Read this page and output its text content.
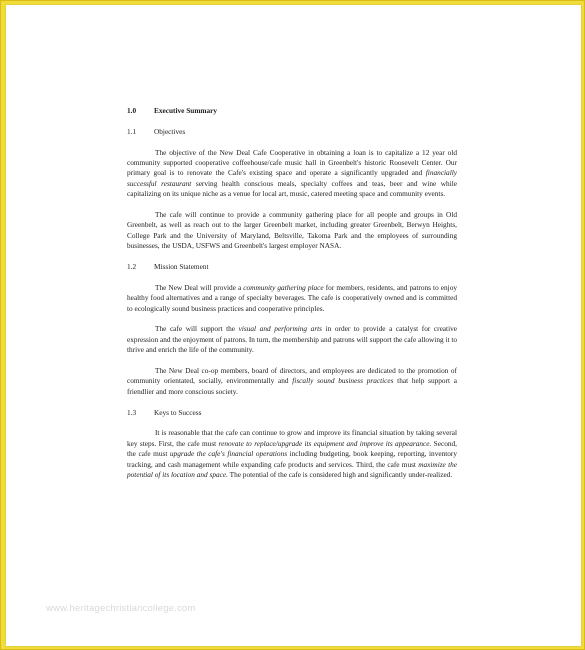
1.0	Executive Summary
1.1	Objectives

The objective of the New Deal Cafe Cooperative in obtaining a loan is to capitalize a 12 year old community supported cooperative coffeehouse/cafe music hall in Greenbelt's historic Roosevelt Center. Our primary goal is to renovate the Cafe's existing space and operate a significantly upgraded and financially successful restaurant serving health conscious meals, specialty coffees and teas, beer and wine while capitalizing on its unique niche as a venue for local art, music, catered meeting space and community events.

The cafe will continue to provide a community gathering place for all people and groups in Old Greenbelt, as well as reach out to the larger Greenbelt market, including greater Greenbelt, Berwyn Heights, College Park and the University of Maryland, Beltsville, Takoma Park and the employees of surrounding businesses, the USDA, USFWS and Greenbelt's largest employer NASA.

1.2	Mission Statement

The New Deal will provide a community gathering place for members, residents, and patrons to enjoy healthy food alternatives and a range of specialty beverages. The cafe is cooperatively owned and is committed to ecologically sound business practices and cooperative principles.

The cafe will support the visual and performing arts in order to provide a catalyst for creative expression and the enjoyment of patrons. In turn, the membership and patrons will support the cafe allowing it to thrive and enrich the life of the community.

The New Deal co-op members, board of directors, and employees are dedicated to the promotion of community orientated, socially, environmentally and fiscally sound business practices that help support a friendlier and more conscious society.

1.3	Keys to Success

It is reasonable that the cafe can continue to grow and improve its financial situation by taking several key steps. First, the cafe must renovate to replace/upgrade its equipment and improve its appearance. Second, the cafe must upgrade the cafe's financial operations including budgeting, book keeping, reporting, inventory tracking, and cash management while expanding cafe products and services. Third, the cafe must maximize the potential of its location and space. The potential of the cafe is considered high and significantly under-realized.

www.heritagechristiancollege.com
